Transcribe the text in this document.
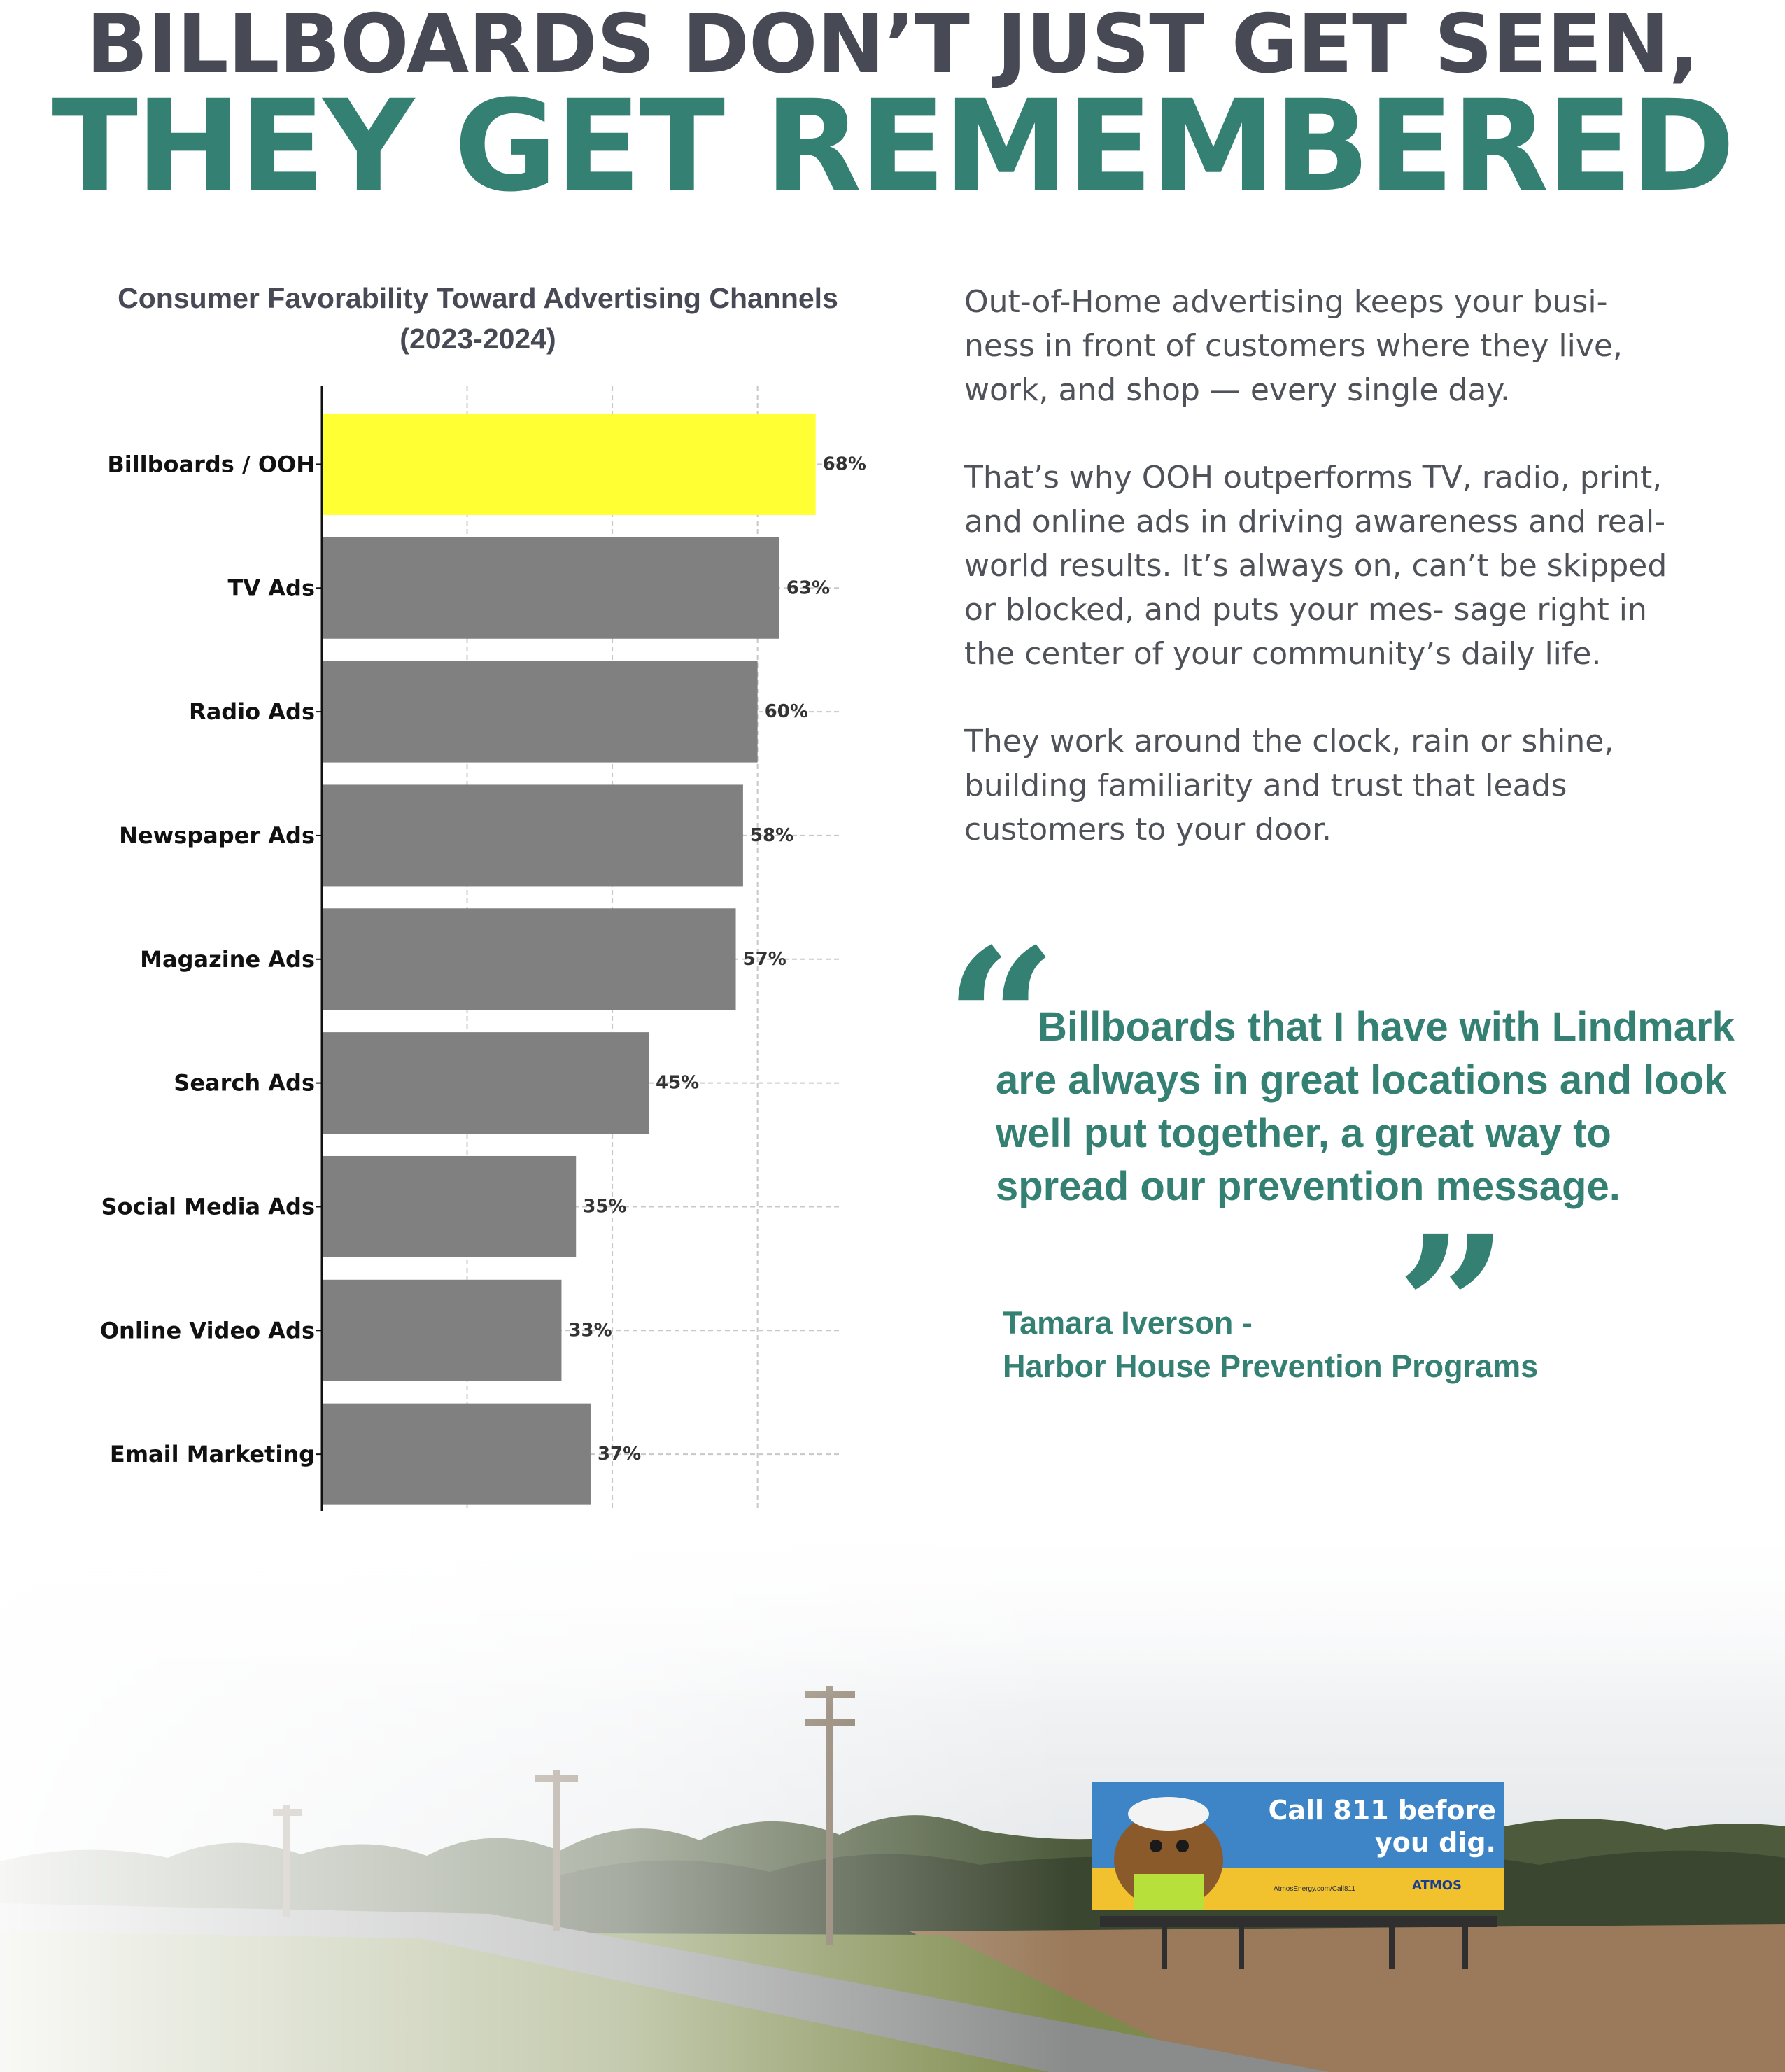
BILLBOARDS DON’T JUST GET SEEN,
THEY GET REMEMBERED
Consumer Favorability Toward Advertising Channels
(2023-2024)
68%
Billboards / OOH
63%
TV Ads
60%
Radio Ads
58%
Newspaper Ads
57%
Magazine Ads
45%
Search Ads
35%
Social Media Ads
33%
Online Video Ads
37%
Email Marketing

Out-of-Home advertising keeps your busi- ness in front of customers where they live, work, and shop — every single day.

That’s why OOH outperforms TV, radio, print, and online ads in driving awareness and real-world results. It’s always on, can’t be skipped or blocked, and puts your mes- sage right in the center of your community’s daily life.

They work around the clock, rain or shine, building familiarity and trust that leads customers to your door.

“
Billboards that I have with Lindmark are always in great locations and look well put together, a great way to spread our prevention message.
”
Tamara Iverson -
Harbor House Prevention Programs
Call 811 before you dig.
AtmosEnergy.com/Call811	ATMOS
